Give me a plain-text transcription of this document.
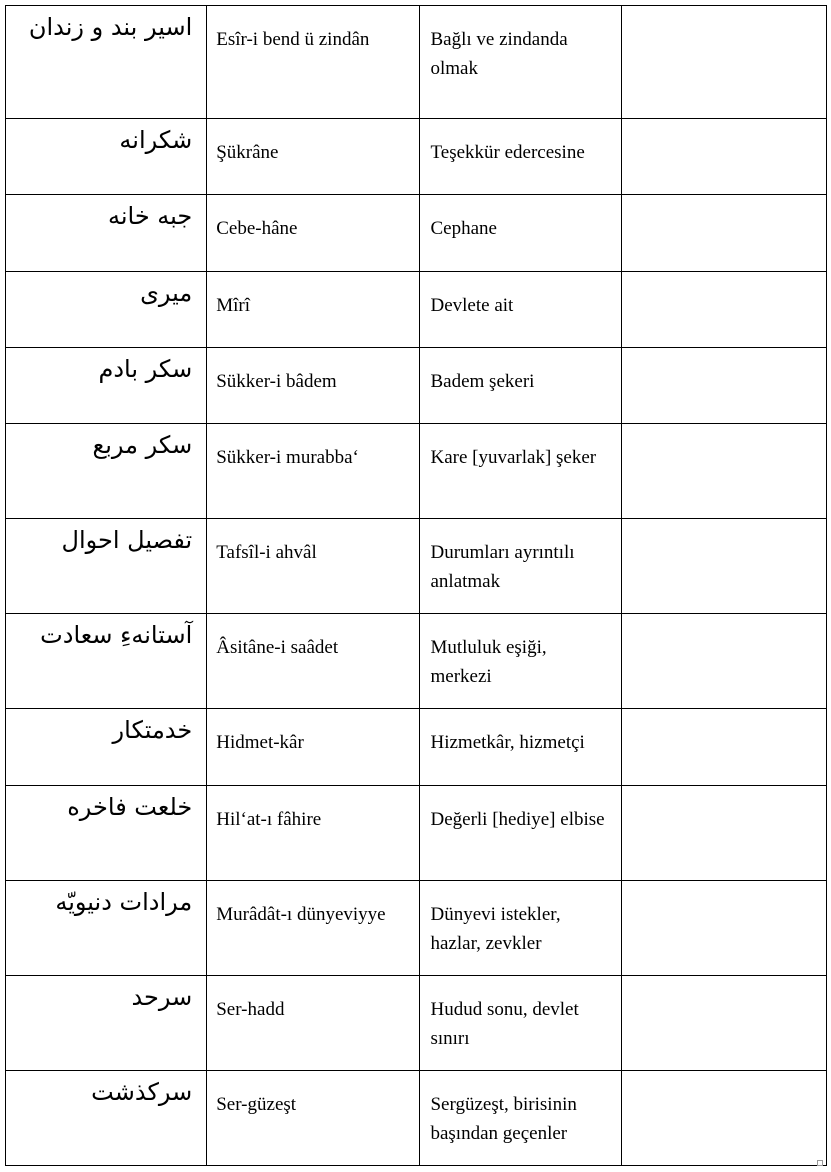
اسیر بند و زندان	Esîr-i bend ü zindân	Bağlı ve zindanda olmak	
شکرانه	Şükrâne	Teşekkür edercesine	
جبه خانه	Cebe-hâne	Cephane	
میری	Mîrî	Devlete ait	
سکر بادم	Sükker-i bâdem	Badem şekeri	
سکر مربع	Sükker-i murabba‘	Kare [yuvarlak] şeker	
تفصیل احوال	Tafsîl-i ahvâl	Durumları ayrıntılı anlatmak	
آستانهءِ سعادت	Âsitâne-i saâdet	Mutluluk eşiği, merkezi	
خدمتکار	Hidmet-kâr	Hizmetkâr, hizmetçi	
خلعت فاخره	Hil‘at-ı fâhire	Değerli [hediye] elbise	
مرادات دنیویّه	Murâdât-ı dünyeviyye	Dünyevi istekler, hazlar, zevkler	
سرحد	Ser-hadd	Hudud sonu, devlet sınırı	
سرکذشت	Ser-güzeşt	Sergüzeşt, birisinin başından geçenler	
